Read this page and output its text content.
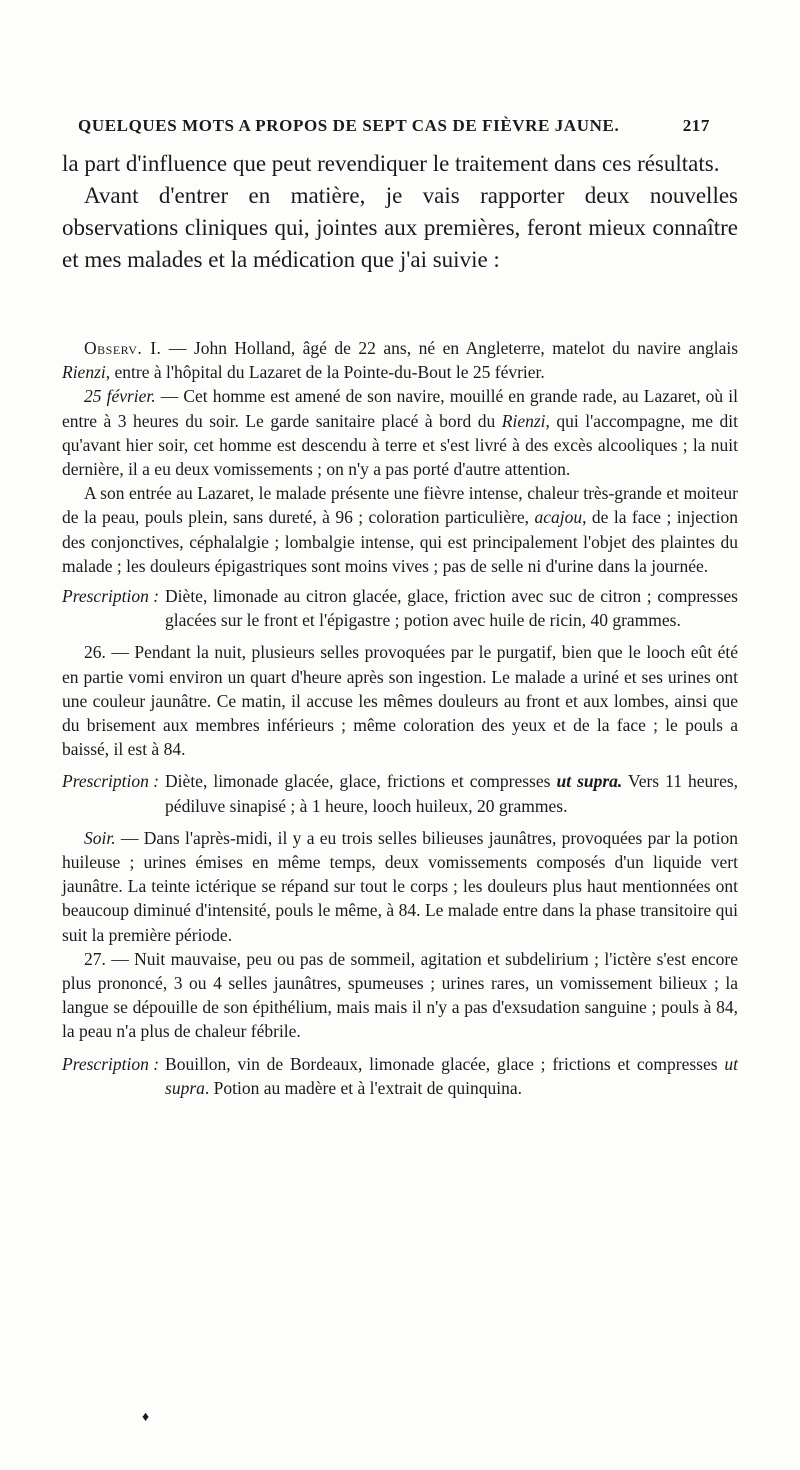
QUELQUES MOTS A PROPOS DE SEPT CAS DE FIÈVRE JAUNE.	217

la part d'influence que peut revendiquer le traitement dans ces résultats.

Avant d'entrer en matière, je vais rapporter deux nouvelles observations cliniques qui, jointes aux premières, feront mieux connaître et mes malades et la médication que j'ai suivie :

Observ. I. — John Holland, âgé de 22 ans, né en Angleterre, matelot du navire anglais Rienzi, entre à l'hôpital du Lazaret de la Pointe-du-Bout le 25 février.

25 février. — Cet homme est amené de son navire, mouillé en grande rade, au Lazaret, où il entre à 3 heures du soir. Le garde sanitaire placé à bord du Rienzi, qui l'accompagne, me dit qu'avant hier soir, cet homme est descendu à terre et s'est livré à des excès alcooliques ; la nuit dernière, il a eu deux vomissements ; on n'y a pas porté d'autre attention.

A son entrée au Lazaret, le malade présente une fièvre intense, chaleur très-grande et moiteur de la peau, pouls plein, sans dureté, à 96 ; coloration particulière, acajou, de la face ; injection des conjonctives, céphalalgie ; lombalgie intense, qui est principalement l'objet des plaintes du malade ; les douleurs épigastriques sont moins vives ; pas de selle ni d'urine dans la journée.

Prescription : Diète, limonade au citron glacée, glace, friction avec suc de citron ; compresses glacées sur le front et l'épigastre ; potion avec huile de ricin, 40 grammes.

26. — Pendant la nuit, plusieurs selles provoquées par le purgatif, bien que le looch eût été en partie vomi environ un quart d'heure après son ingestion. Le malade a uriné et ses urines ont une couleur jaunâtre. Ce matin, il accuse les mêmes douleurs au front et aux lombes, ainsi que du brisement aux membres inférieurs ; même coloration des yeux et de la face ; le pouls a baissé, il est à 84.

Prescription : Diète, limonade glacée, glace, frictions et compresses ut supra. Vers 11 heures, pédiluve sinapisé ; à 1 heure, looch huileux, 20 grammes.

Soir. — Dans l'après-midi, il y a eu trois selles bilieuses jaunâtres, provoquées par la potion huileuse ; urines émises en même temps, deux vomissements composés d'un liquide vert jaunâtre. La teinte ictérique se répand sur tout le corps ; les douleurs plus haut mentionnées ont beaucoup diminué d'intensité, pouls le même, à 84. Le malade entre dans la phase transitoire qui suit la première période.

27. — Nuit mauvaise, peu ou pas de sommeil, agitation et subdelirium ; l'ictère s'est encore plus prononcé, 3 ou 4 selles jaunâtres, spumeuses ; urines rares, un vomissement bilieux ; la langue se dépouille de son épithélium, mais mais il n'y a pas d'exsudation sanguine ; pouls à 84, la peau n'a plus de chaleur fébrile.

Prescription : Bouillon, vin de Bordeaux, limonade glacée, glace ; frictions et compresses ut supra. Potion au madère et à l'extrait de quinquina.
♦
